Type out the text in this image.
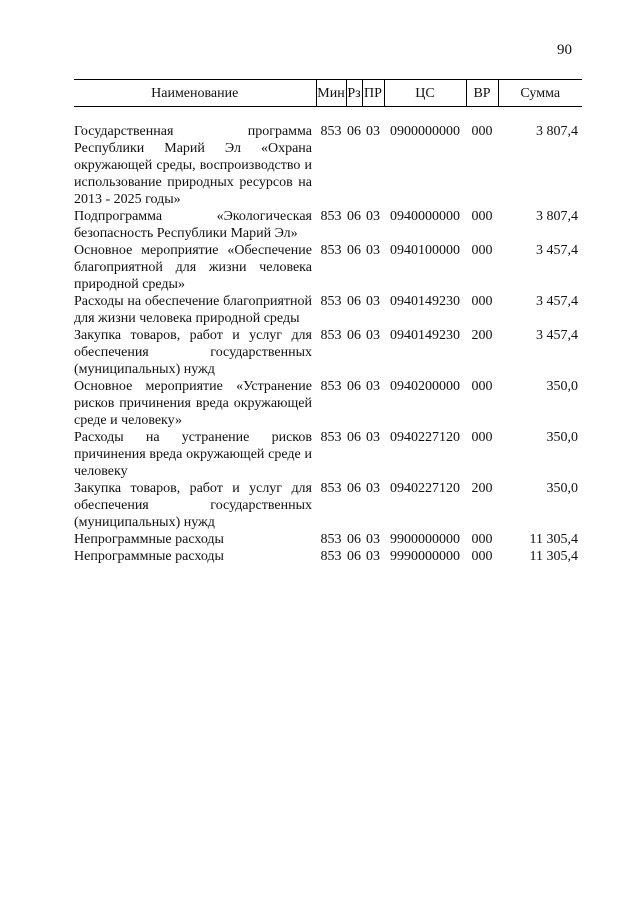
90
Наименование	Мин	Рз	ПР	ЦС	ВР	Сумма
Государственная программа Республики Марий Эл «Охрана окружающей среды, воспроизводство и использование природных ресурсов на 2013 - 2025 годы»	853	06	03	0900000000	000	3 807,4
Подпрограмма «Экологическая безопасность Республики Марий Эл»	853	06	03	0940000000	000	3 807,4
Основное мероприятие «Обеспечение благоприятной для жизни человека природной среды»	853	06	03	0940100000	000	3 457,4
Расходы на обеспечение благоприятной для жизни человека природной среды	853	06	03	0940149230	000	3 457,4
Закупка товаров, работ и услуг для обеспечения государственных (муниципальных) нужд	853	06	03	0940149230	200	3 457,4
Основное мероприятие «Устранение рисков причинения вреда окружающей среде и человеку»	853	06	03	0940200000	000	350,0
Расходы на устранение рисков причинения вреда окружающей среде и человеку	853	06	03	0940227120	000	350,0
Закупка товаров, работ и услуг для обеспечения государственных (муниципальных) нужд	853	06	03	0940227120	200	350,0
Непрограммные расходы	853	06	03	9900000000	000	11 305,4
Непрограммные расходы	853	06	03	9990000000	000	11 305,4
